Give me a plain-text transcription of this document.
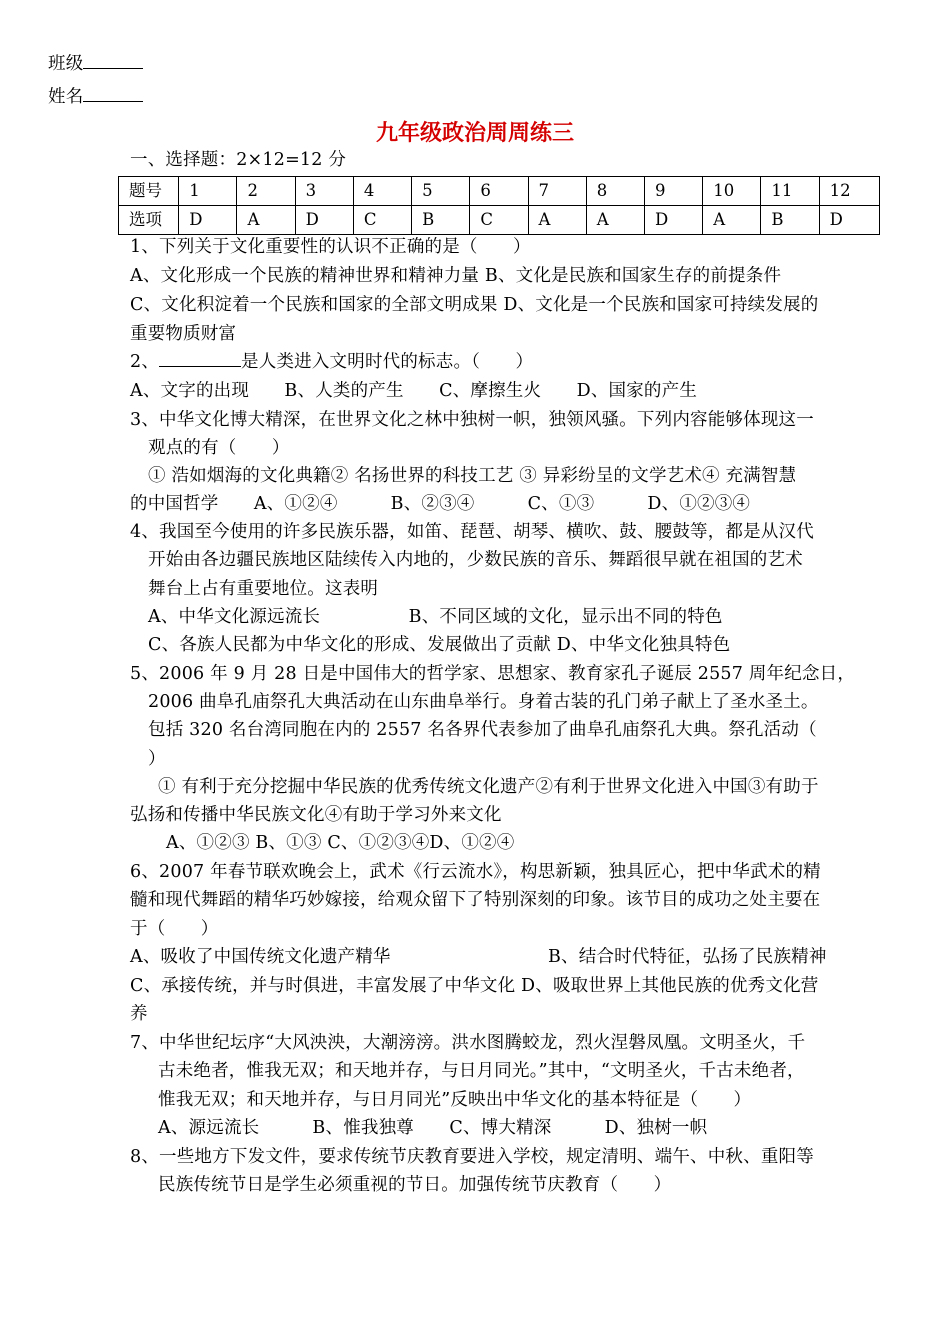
班级
姓名
九年级政治周周练三
一、选择题：2×12=12 分
题号	1	2	3	4	5	6	7	8	9	10	11	12
选项	D	A	D	C	B	C	A	A	D	A	B	D
1、下列关于文化重要性的认识不正确的是（　　）
A、文化形成一个民族的精神世界和精神力量 B、文化是民族和国家生存的前提条件
C、文化积淀着一个民族和国家的全部文明成果 D、文化是一个民族和国家可持续发展的
重要物质财富
2、	是人类进入文明时代的标志。（　　）
A、文字的出现　　B、人类的产生　　C、摩擦生火　　D、国家的产生
3、中华文化博大精深，在世界文化之林中独树一帜，独领风骚。下列内容能够体现这一
观点的有（　　）
① 浩如烟海的文化典籍② 名扬世界的科技工艺 ③ 异彩纷呈的文学艺术④ 充满智慧
的中国哲学　　A、①②④　　　B、②③④　　　C、①③　　　D、①②③④
4、我国至今使用的许多民族乐器，如笛、琵琶、胡琴、横吹、鼓、腰鼓等，都是从汉代
开始由各边疆民族地区陆续传入内地的，少数民族的音乐、舞蹈很早就在祖国的艺术
舞台上占有重要地位。这表明
A、中华文化源远流长　　　　　B、不同区域的文化，显示出不同的特色
C、各族人民都为中华文化的形成、发展做出了贡献 D、中华文化独具特色
5、2006 年 9 月 28 日是中国伟大的哲学家、思想家、教育家孔子诞辰 2557 周年纪念日，
2006 曲阜孔庙祭孔大典活动在山东曲阜举行。身着古装的孔门弟子献上了圣水圣土。
包括 320 名台湾同胞在内的 2557 名各界代表参加了曲阜孔庙祭孔大典。祭孔活动（
）
① 有利于充分挖掘中华民族的优秀传统文化遗产②有利于世界文化进入中国③有助于
弘扬和传播中华民族文化④有助于学习外来文化
A、①②③ B、①③ C、①②③④D、①②④
6、2007 年春节联欢晚会上，武术《行云流水》，构思新颖，独具匠心，把中华武术的精
髓和现代舞蹈的精华巧妙嫁接，给观众留下了特别深刻的印象。该节目的成功之处主要在
于（　　）
A、吸收了中国传统文化遗产精华	B、结合时代特征，弘扬了民族精神
C、承接传统，并与时俱进，丰富发展了中华文化 D、吸取世界上其他民族的优秀文化营
养
7、中华世纪坛序“大风泱泱，大潮滂滂。洪水图腾蛟龙，烈火涅磐凤凰。文明圣火，千
古未绝者，惟我无双；和天地并存，与日月同光。”其中，“文明圣火，千古未绝者，
惟我无双；和天地并存，与日月同光”反映出中华文化的基本特征是（　　）
A、源远流长　　　B、惟我独尊　　C、博大精深　　　D、独树一帜
8、一些地方下发文件，要求传统节庆教育要进入学校，规定清明、端午、中秋、重阳等
民族传统节日是学生必须重视的节日。加强传统节庆教育（　　）
